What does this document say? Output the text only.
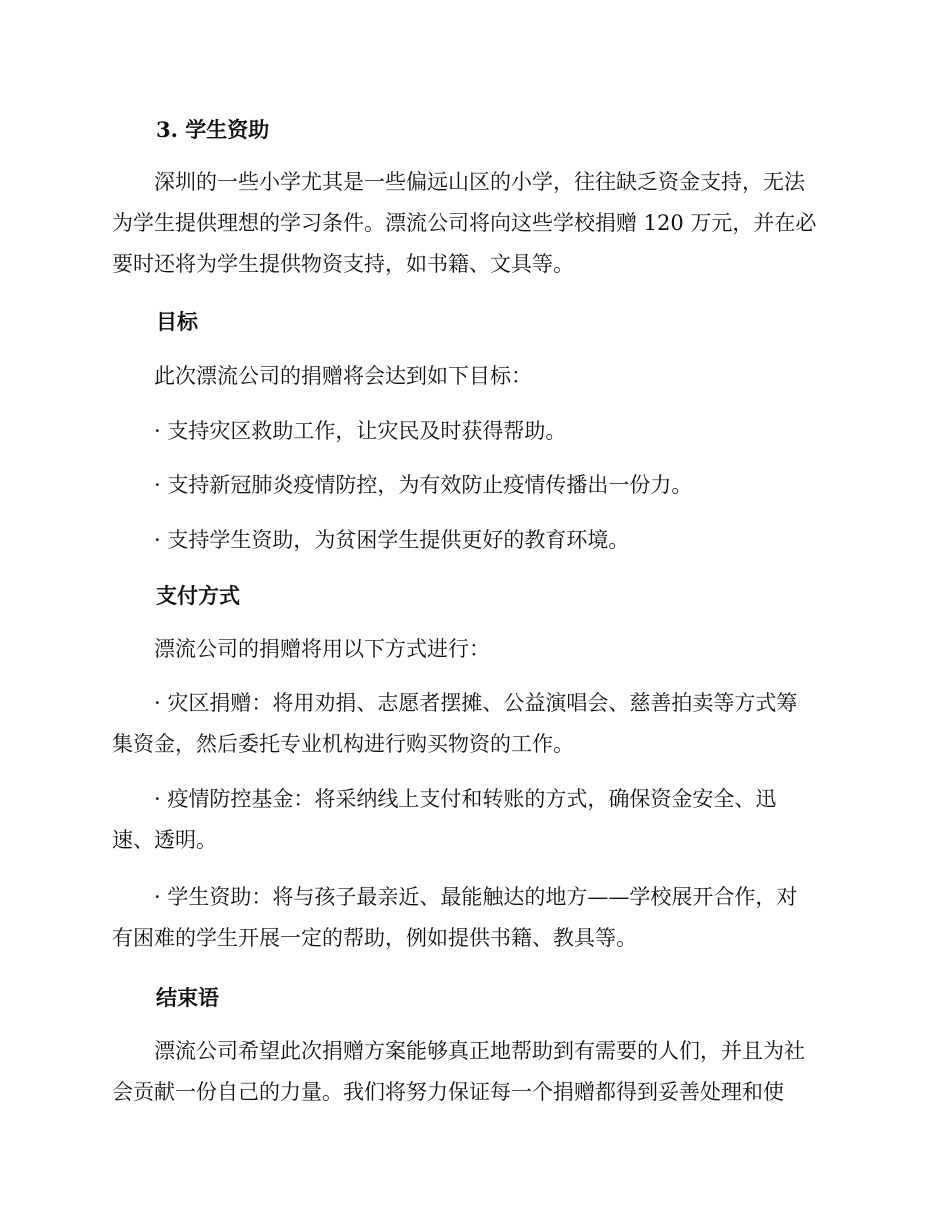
3. 学生资助

深圳的一些小学尤其是一些偏远山区的小学，往往缺乏资金支持，无法
为学生提供理想的学习条件。漂流公司将向这些学校捐赠 120 万元，并在必
要时还将为学生提供物资支持，如书籍、文具等。

目标

此次漂流公司的捐赠将会达到如下目标：

· 支持灾区救助工作，让灾民及时获得帮助。

· 支持新冠肺炎疫情防控，为有效防止疫情传播出一份力。

· 支持学生资助，为贫困学生提供更好的教育环境。

支付方式

漂流公司的捐赠将用以下方式进行：

· 灾区捐赠：将用劝捐、志愿者摆摊、公益演唱会、慈善拍卖等方式筹
集资金，然后委托专业机构进行购买物资的工作。

· 疫情防控基金：将采纳线上支付和转账的方式，确保资金安全、迅
速、透明。

· 学生资助：将与孩子最亲近、最能触达的地方——学校展开合作，对
有困难的学生开展一定的帮助，例如提供书籍、教具等。

结束语

漂流公司希望此次捐赠方案能够真正地帮助到有需要的人们，并且为社
会贡献一份自己的力量。我们将努力保证每一个捐赠都得到妥善处理和使
